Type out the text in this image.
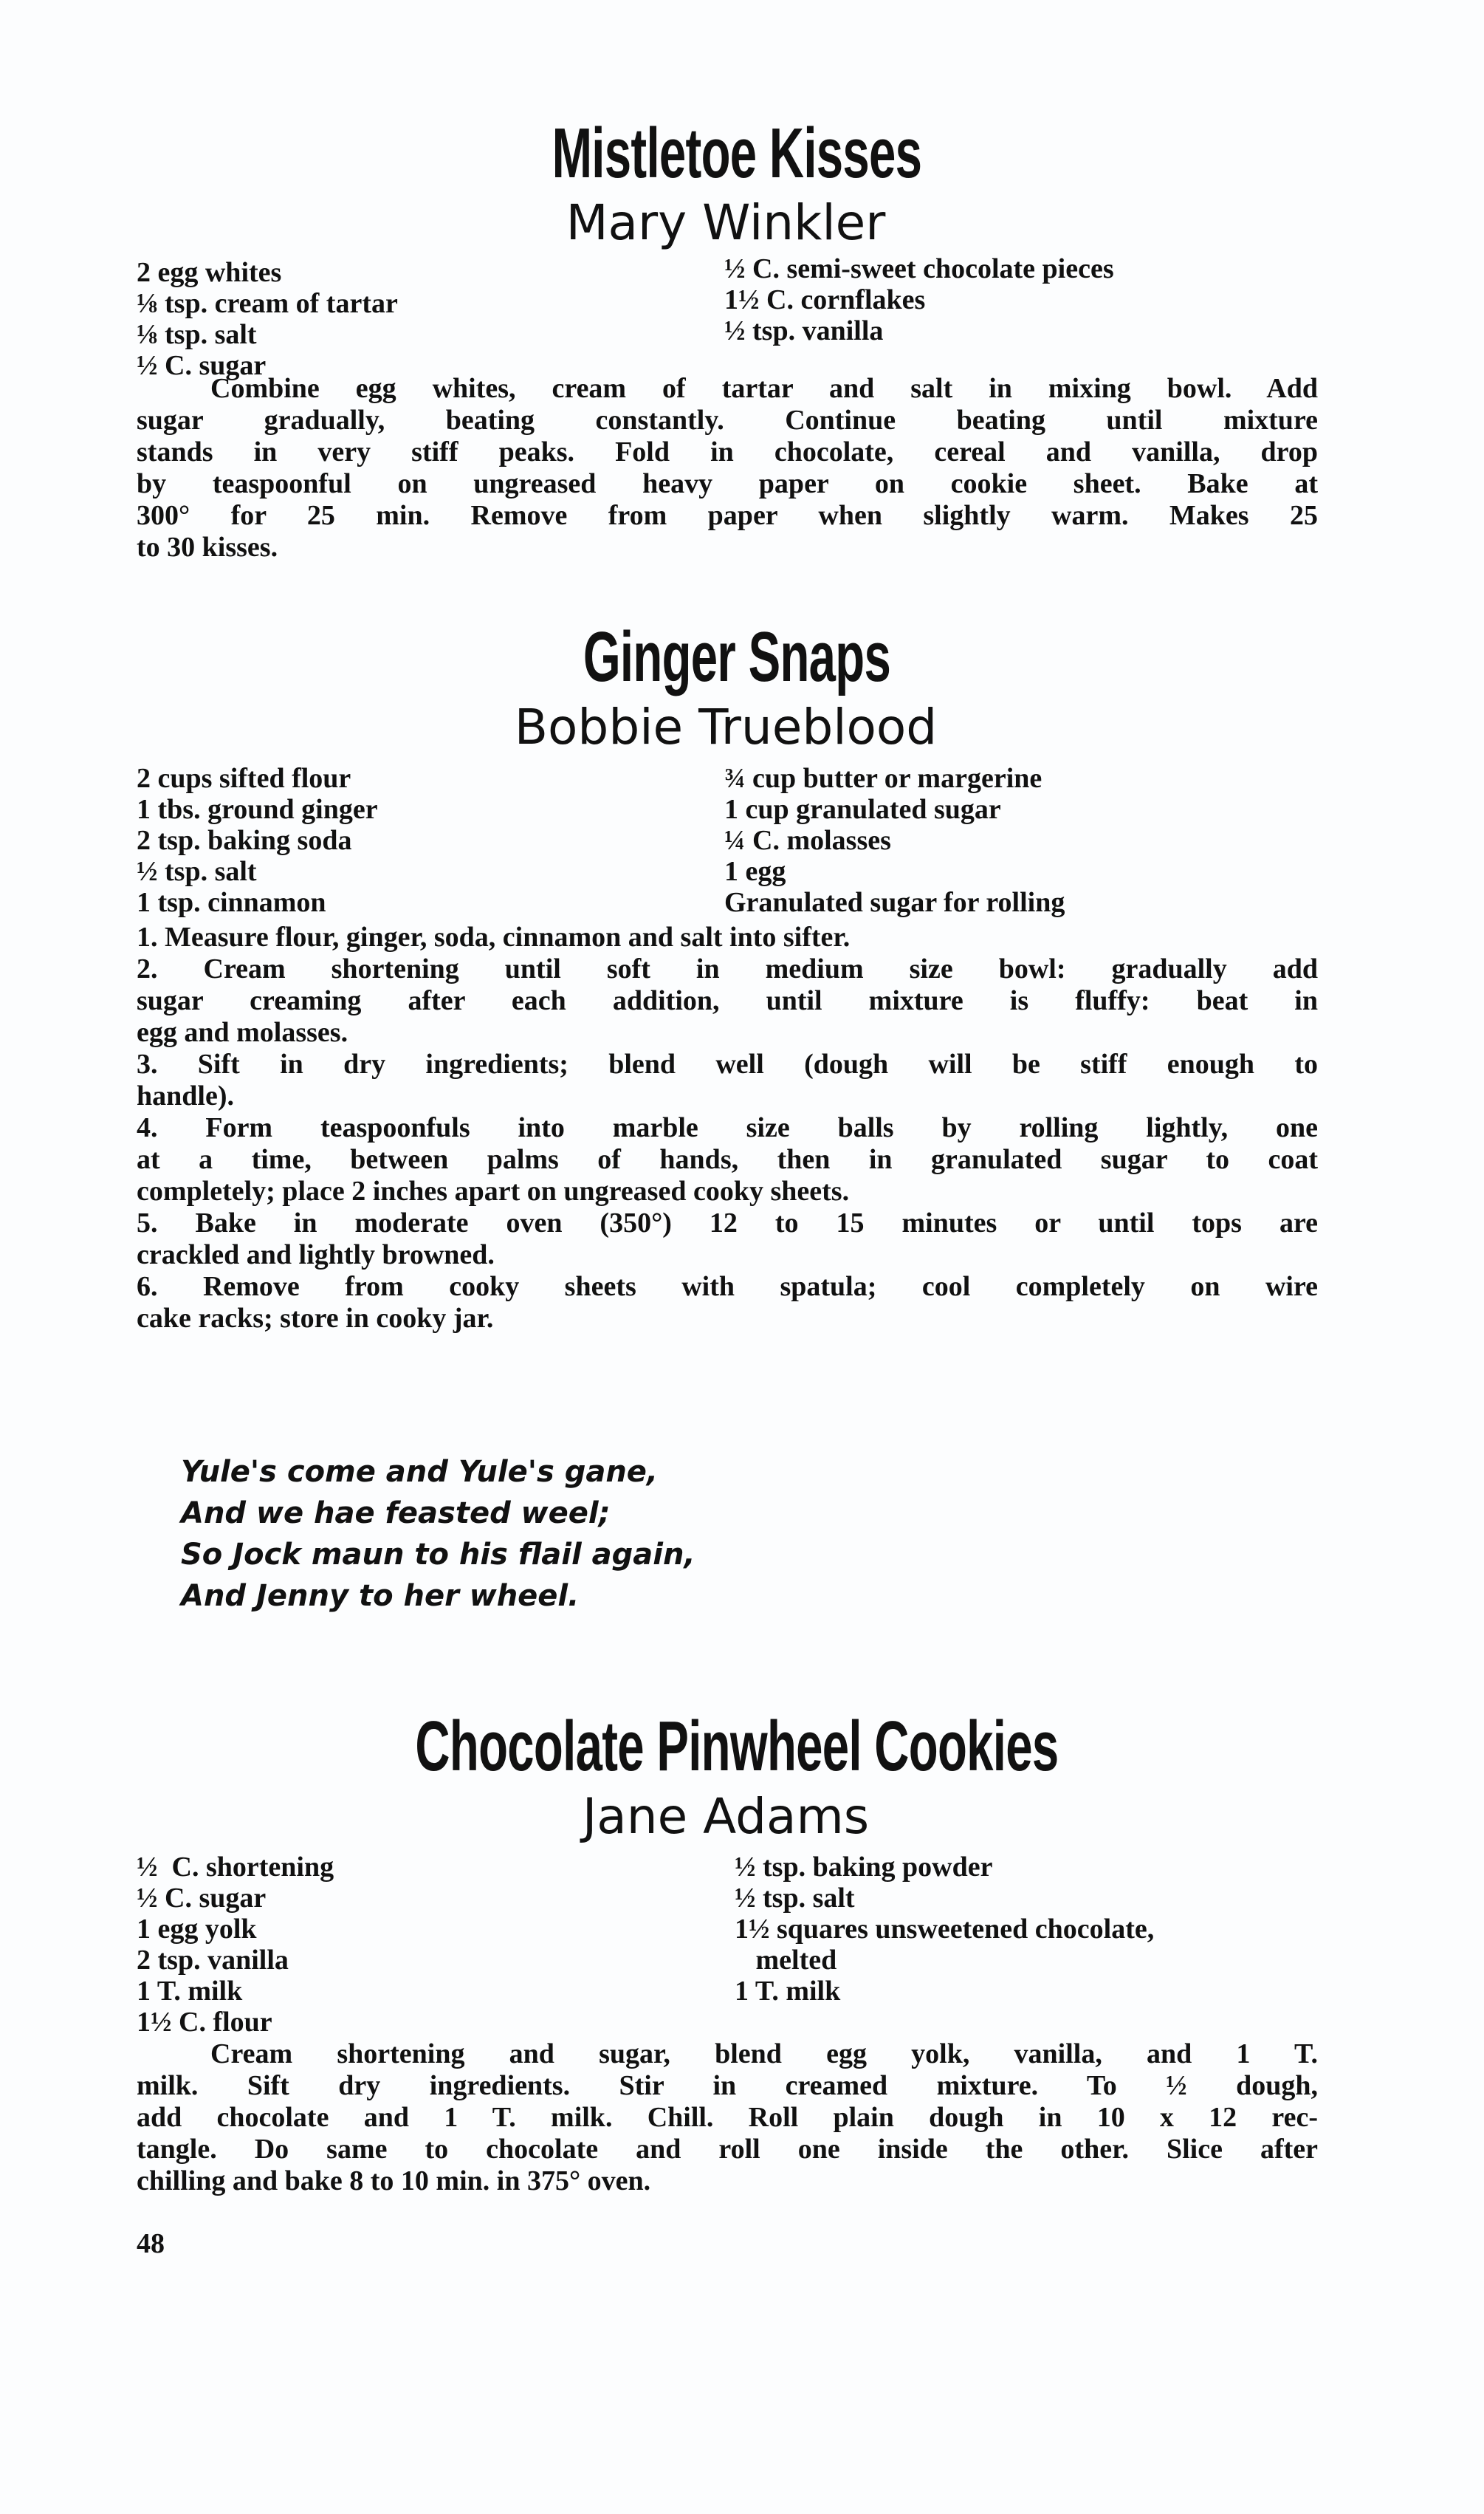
Mistletoe Kisses
Mary Winkler
2 egg whites
⅛ tsp. cream of tartar
⅛ tsp. salt
½ C. sugar
½ C. semi-sweet chocolate pieces
1½ C. cornflakes
½ tsp. vanilla
Combine egg whites, cream of tartar and salt in mixing bowl. Add
sugar gradually, beating constantly. Continue beating until mixture
stands in very stiff peaks. Fold in chocolate, cereal and vanilla, drop
by teaspoonful on ungreased heavy paper on cookie sheet. Bake at
300° for 25 min. Remove from paper when slightly warm. Makes 25
to 30 kisses.
Ginger Snaps
Bobbie Trueblood
2 cups sifted flour
1 tbs. ground ginger
2 tsp. baking soda
½ tsp. salt
1 tsp. cinnamon
¾ cup butter or margerine
1 cup granulated sugar
¼ C. molasses
1 egg
Granulated sugar for rolling
1. Measure flour, ginger, soda, cinnamon and salt into sifter.
2. Cream shortening until soft in medium size bowl: gradually add
sugar creaming after each addition, until mixture is fluffy: beat in
egg and molasses.
3. Sift in dry ingredients; blend well (dough will be stiff enough to
handle).
4. Form teaspoonfuls into marble size balls by rolling lightly, one
at a time, between palms of hands, then in granulated sugar to coat
completely; place 2 inches apart on ungreased cooky sheets.
5. Bake in moderate oven (350°) 12 to 15 minutes or until tops are
crackled and lightly browned.
6. Remove from cooky sheets with spatula; cool completely on wire
cake racks; store in cooky jar.
Yule's come and Yule's gane,
And we hae feasted weel;
So Jock maun to his flail again,
And Jenny to her wheel.
Chocolate Pinwheel Cookies
Jane Adams
½  C. shortening
½ C. sugar
1 egg yolk
2 tsp. vanilla
1 T. milk
1½ C. flour
½ tsp. baking powder
½ tsp. salt
1½ squares unsweetened chocolate,
melted
1 T. milk
Cream shortening and sugar, blend egg yolk, vanilla, and 1 T.
milk. Sift dry ingredients. Stir in creamed mixture. To ½ dough,
add chocolate and 1 T. milk. Chill. Roll plain dough in 10 x 12 rec-
tangle. Do same to chocolate and roll one inside the other. Slice after
chilling and bake 8 to 10 min. in 375° oven.
48
